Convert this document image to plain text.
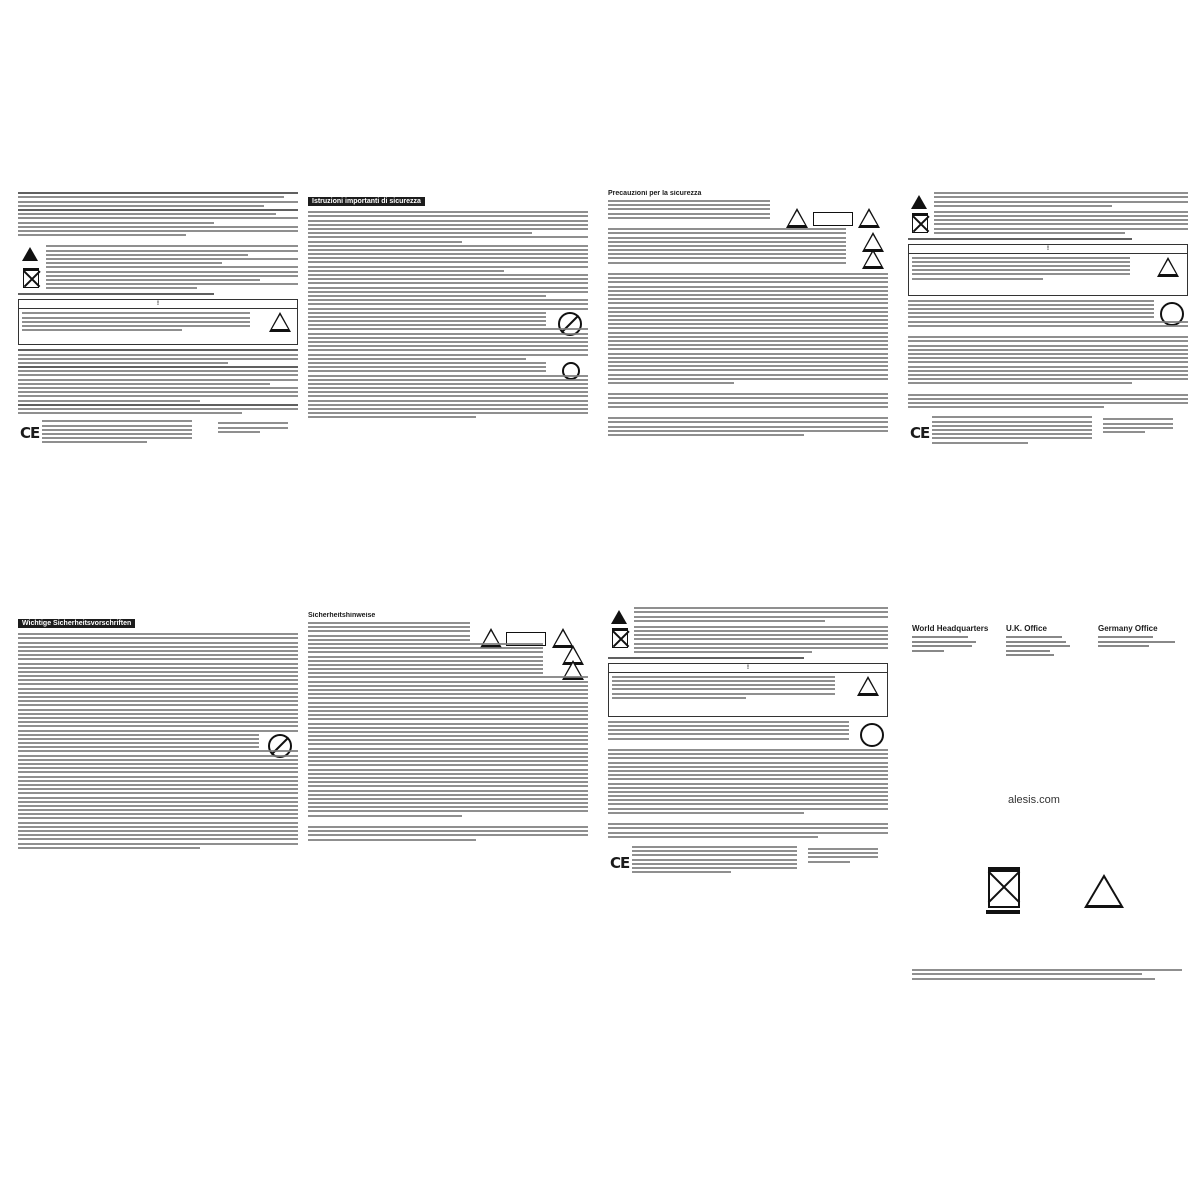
!
CE
Istruzioni importanti di sicurezza
Precauzioni per la sicurezza
!
CE
Wichtige Sicherheitsvorschriften
Sicherheitshinweise
!
CE
World Headquarters	U.K. Office	Germany Office
alesis.com
